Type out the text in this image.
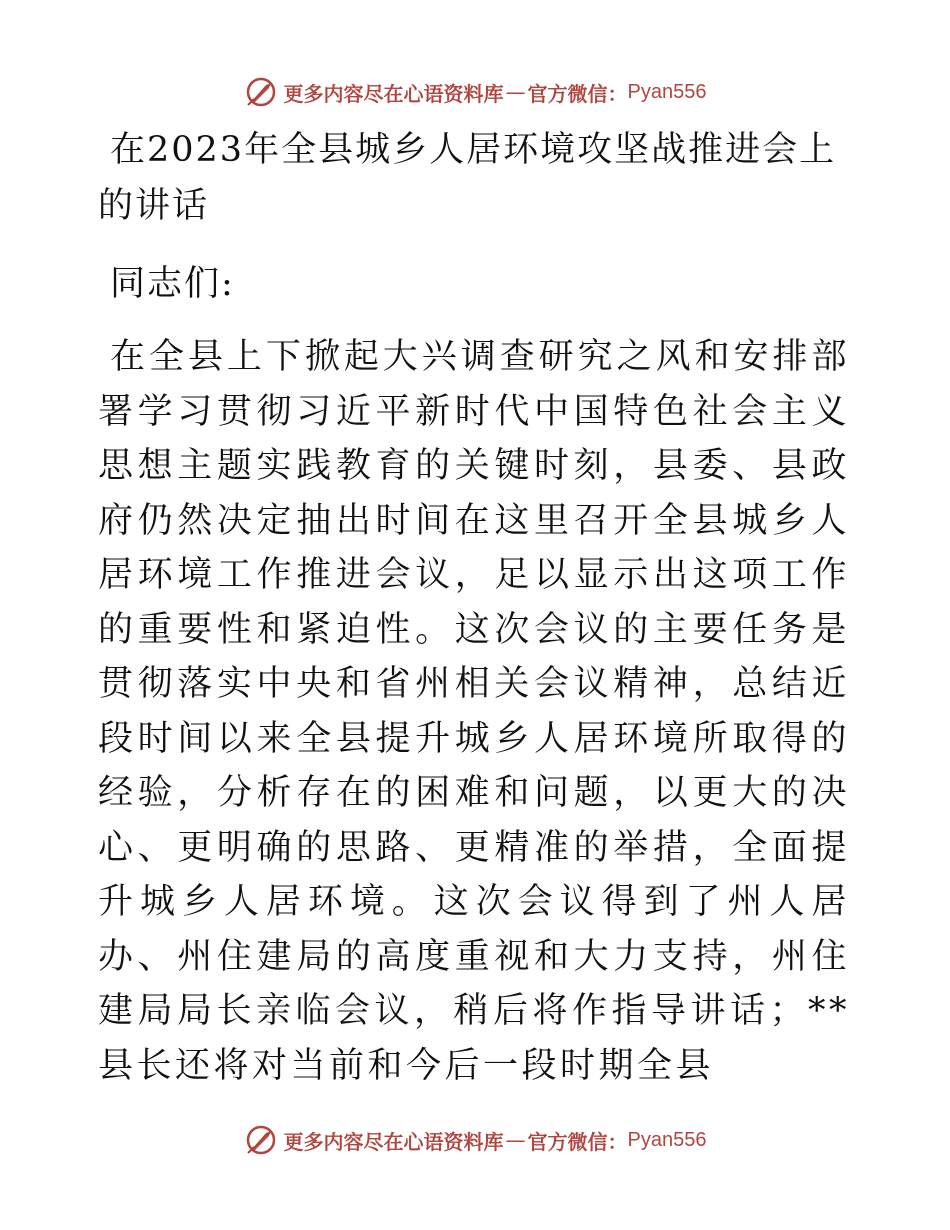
更多内容尽在心语资料库 — 官方微信： Pyan556
在2023年全县城乡人居环境攻坚战推进会上的讲话

同志们:

在全县上下掀起大兴调查研究之风和安排部署学习贯彻习近平新时代中国特色社会主义思想主题实践教育的关键时刻，县委、县政府仍然决定抽出时间在这里召开全县城乡人居环境工作推进会议，足以显示出这项工作的重要性和紧迫性。这次会议的主要任务是贯彻落实中央和省州相关会议精神，总结近段时间以来全县提升城乡人居环境所取得的经验，分析存在的困难和问题，以更大的决心、更明确的思路、更精准的举措，全面提升城乡人居环境。这次会议得到了州人居办、州住建局的高度重视和大力支持，州住建局局长亲临会议，稍后将作指导讲话；**县长还将对当前和今后一段时期全县

更多内容尽在心语资料库 — 官方微信： Pyan556
